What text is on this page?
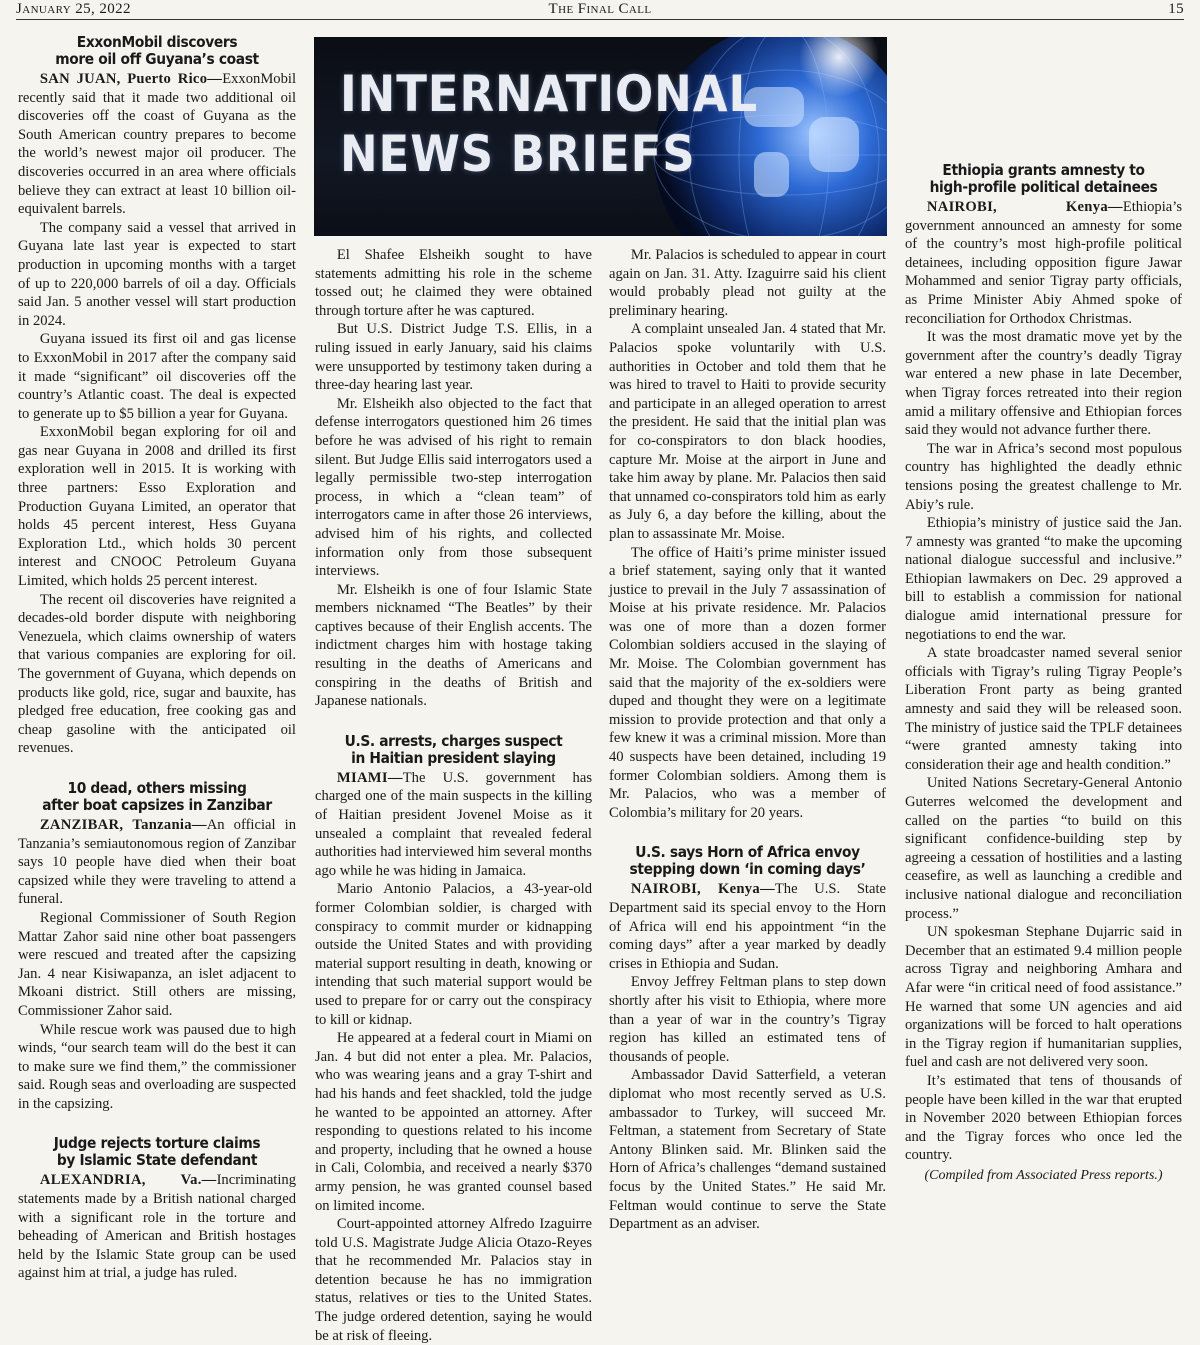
January 25, 2022	The Final Call	15
INTERNATIONAL
NEWS BRIEFS
ExxonMobil discovers
more oil off Guyana’s coast

SAN JUAN, Puerto Rico—ExxonMobil recently said that it made two additional oil discoveries off the coast of Guyana as the South American country prepares to become the world’s newest major oil producer. The discoveries occurred in an area where officials believe they can extract at least 10 billion oil-equivalent barrels.

The company said a vessel that arrived in Guyana late last year is expected to start production in upcoming months with a target of up to 220,000 barrels of oil a day. Officials said Jan. 5 another vessel will start production in 2024.

Guyana issued its first oil and gas license to ExxonMobil in 2017 after the company said it made “significant” oil discoveries off the country’s Atlantic coast. The deal is expected to generate up to $5 billion a year for Guyana.

ExxonMobil began exploring for oil and gas near Guyana in 2008 and drilled its first exploration well in 2015. It is working with three partners: Esso Exploration and Production Guyana Limited, an operator that holds 45 percent interest, Hess Guyana Exploration Ltd., which holds 30 percent interest and CNOOC Petroleum Guyana Limited, which holds 25 percent interest.

The recent oil discoveries have reignited a decades-old border dispute with neighboring Venezuela, which claims ownership of waters that various companies are exploring for oil. The government of Guyana, which depends on products like gold, rice, sugar and bauxite, has pledged free education, free cooking gas and cheap gasoline with the anticipated oil revenues.

10 dead, others missing
after boat capsizes in Zanzibar

ZANZIBAR, Tanzania—An official in Tanzania’s semiautonomous region of Zanzibar says 10 people have died when their boat capsized while they were traveling to attend a funeral.

Regional Commissioner of South Region Mattar Zahor said nine other boat passengers were rescued and treated after the capsizing Jan. 4 near Kisiwapanza, an islet adjacent to Mkoani district. Still others are missing, Commissioner Zahor said.

While rescue work was paused due to high winds, “our search team will do the best it can to make sure we find them,” the commissioner said. Rough seas and overloading are suspected in the capsizing.

Judge rejects torture claims
by Islamic State defendant

ALEXANDRIA, Va.—Incriminating statements made by a British national charged with a significant role in the torture and beheading of American and British hostages held by the Islamic State group can be used against him at trial, a judge has ruled.

El Shafee Elsheikh sought to have statements admitting his role in the scheme tossed out; he claimed they were obtained through torture after he was captured.

But U.S. District Judge T.S. Ellis, in a ruling issued in early January, said his claims were unsupported by testimony taken during a three-day hearing last year.

Mr. Elsheikh also objected to the fact that defense interrogators questioned him 26 times before he was advised of his right to remain silent. But Judge Ellis said interrogators used a legally permissible two-step interrogation process, in which a “clean team” of interrogators came in after those 26 interviews, advised him of his rights, and collected information only from those subsequent interviews.

Mr. Elsheikh is one of four Islamic State members nicknamed “The Beatles” by their captives because of their English accents. The indictment charges him with hostage taking resulting in the deaths of Americans and conspiring in the deaths of British and Japanese nationals.

U.S. arrests, charges suspect
in Haitian president slaying

MIAMI—The U.S. government has charged one of the main suspects in the killing of Haitian president Jovenel Moise as it unsealed a complaint that revealed federal authorities had interviewed him several months ago while he was hiding in Jamaica.

Mario Antonio Palacios, a 43-year-old former Colombian soldier, is charged with conspiracy to commit murder or kidnapping outside the United States and with providing material support resulting in death, knowing or intending that such material support would be used to prepare for or carry out the conspiracy to kill or kidnap.

He appeared at a federal court in Miami on Jan. 4 but did not enter a plea. Mr. Palacios, who was wearing jeans and a gray T-shirt and had his hands and feet shackled, told the judge he wanted to be appointed an attorney. After responding to questions related to his income and property, including that he owned a house in Cali, Colombia, and received a nearly $370 army pension, he was granted counsel based on limited income.

Court-appointed attorney Alfredo Izaguirre told U.S. Magistrate Judge Alicia Otazo-Reyes that he recommended Mr. Palacios stay in detention because he has no immigration status, relatives or ties to the United States. The judge ordered detention, saying he would be at risk of fleeing.

Mr. Palacios is scheduled to appear in court again on Jan. 31. Atty. Izaguirre said his client would probably plead not guilty at the preliminary hearing.

A complaint unsealed Jan. 4 stated that Mr. Palacios spoke voluntarily with U.S. authorities in October and told them that he was hired to travel to Haiti to provide security and participate in an alleged operation to arrest the president. He said that the initial plan was for co-conspirators to don black hoodies, capture Mr. Moise at the airport in June and take him away by plane. Mr. Palacios then said that unnamed co-conspirators told him as early as July 6, a day before the killing, about the plan to assassinate Mr. Moise.

The office of Haiti’s prime minister issued a brief statement, saying only that it wanted justice to prevail in the July 7 assassination of Moise at his private residence. Mr. Palacios was one of more than a dozen former Colombian soldiers accused in the slaying of Mr. Moise. The Colombian government has said that the majority of the ex-soldiers were duped and thought they were on a legitimate mission to provide protection and that only a few knew it was a criminal mission. More than 40 suspects have been detained, including 19 former Colombian soldiers. Among them is Mr. Palacios, who was a member of Colombia’s military for 20 years.

U.S. says Horn of Africa envoy
stepping down ‘in coming days’

NAIROBI, Kenya—The U.S. State Department said its special envoy to the Horn of Africa will end his appointment “in the coming days” after a year marked by deadly crises in Ethiopia and Sudan.

Envoy Jeffrey Feltman plans to step down shortly after his visit to Ethiopia, where more than a year of war in the country’s Tigray region has killed an estimated tens of thousands of people.

Ambassador David Satterfield, a veteran diplomat who most recently served as U.S. ambassador to Turkey, will succeed Mr. Feltman, a statement from Secretary of State Antony Blinken said. Mr. Blinken said the Horn of Africa’s challenges “demand sustained focus by the United States.” He said Mr. Feltman would continue to serve the State Department as an adviser.

Ethiopia grants amnesty to
high-profile political detainees

NAIROBI, Kenya—Ethiopia’s government announced an amnesty for some of the country’s most high-profile political detainees, including opposition figure Jawar Mohammed and senior Tigray party officials, as Prime Minister Abiy Ahmed spoke of reconciliation for Orthodox Christmas.

It was the most dramatic move yet by the government after the country’s deadly Tigray war entered a new phase in late December, when Tigray forces retreated into their region amid a military offensive and Ethiopian forces said they would not advance further there.

The war in Africa’s second most populous country has highlighted the deadly ethnic tensions posing the greatest challenge to Mr. Abiy’s rule.

Ethiopia’s ministry of justice said the Jan. 7 amnesty was granted “to make the upcoming national dialogue successful and inclusive.” Ethiopian lawmakers on Dec. 29 approved a bill to establish a commission for national dialogue amid international pressure for negotiations to end the war.

A state broadcaster named several senior officials with Tigray’s ruling Tigray People’s Liberation Front party as being granted amnesty and said they will be released soon. The ministry of justice said the TPLF detainees “were granted amnesty taking into consideration their age and health condition.”

United Nations Secretary-General Antonio Guterres welcomed the development and called on the parties “to build on this significant confidence-building step by agreeing a cessation of hostilities and a lasting ceasefire, as well as launching a credible and inclusive national dialogue and reconciliation process.”

UN spokesman Stephane Dujarric said in December that an estimated 9.4 million people across Tigray and neighboring Amhara and Afar were “in critical need of food assistance.” He warned that some UN agencies and aid organizations will be forced to halt operations in the Tigray region if humanitarian supplies, fuel and cash are not delivered very soon.

It’s estimated that tens of thousands of people have been killed in the war that erupted in November 2020 between Ethiopian forces and the Tigray forces who once led the country.

(Compiled from Associated Press reports.)
